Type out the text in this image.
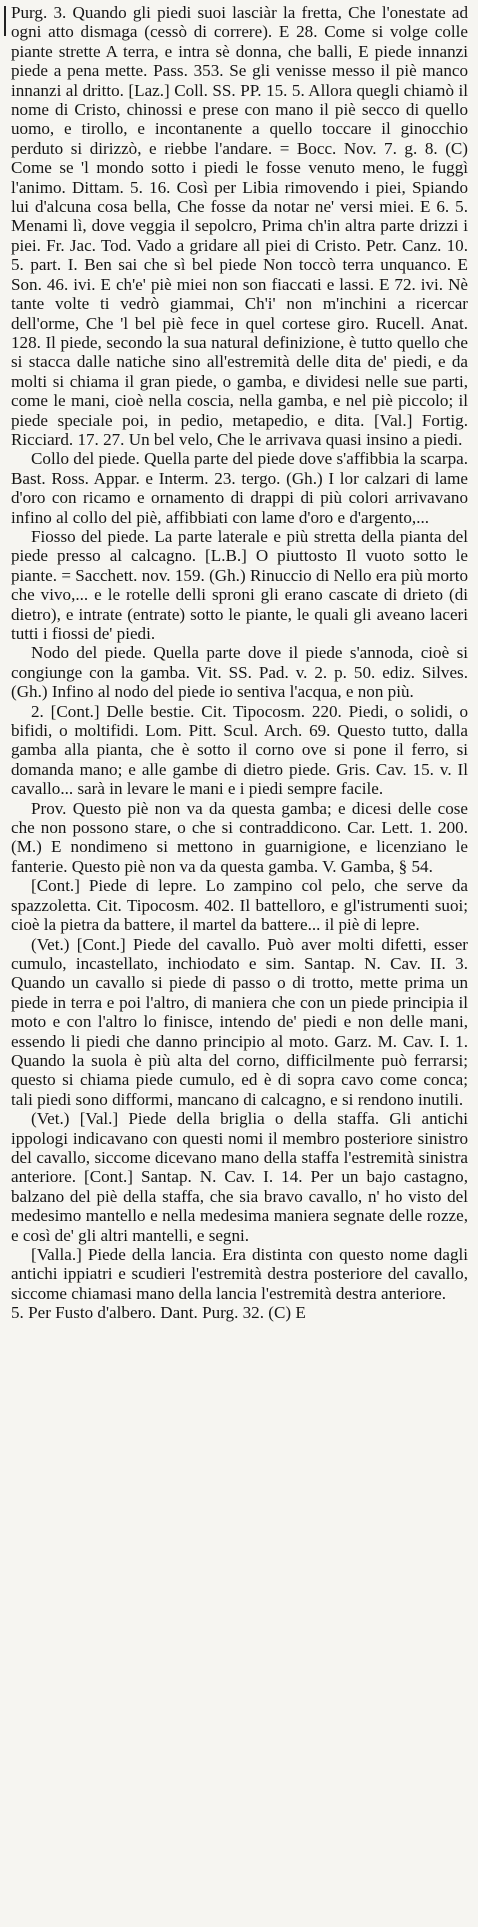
Purg. 3. Quando gli piedi suoi lasciàr la fretta, Che l'onestate ad ogni atto dismaga (cessò di correre). E 28. Come si volge colle piante strette A terra, e intra sè donna, che balli, E piede innanzi piede a pena mette. Pass. 353. Se gli venisse messo il piè manco innanzi al dritto. [Laz.] Coll. SS. PP. 15. 5. Allora quegli chiamò il nome di Cristo, chinossi e prese con mano il piè secco di quello uomo, e tirollo, e incontanente a quello toccare il ginocchio perduto si dirizzò, e riebbe l'andare. = Bocc. Nov. 7. g. 8. (C) Come se 'l mondo sotto i piedi le fosse venuto meno, le fuggì l'animo. Dittam. 5. 16. Così per Libia rimovendo i piei, Spiando lui d'alcuna cosa bella, Che fosse da notar ne' versi miei. E 6. 5. Menami lì, dove veggia il sepolcro, Prima ch'in altra parte drizzi i piei. Fr. Jac. Tod. Vado a gridare all piei di Cristo. Petr. Canz. 10. 5. part. I. Ben sai che sì bel piede Non toccò terra unquanco. E Son. 46. ivi. E ch'e' piè miei non son fiaccati e lassi. E 72. ivi. Nè tante volte ti vedrò giammai, Ch'i' non m'inchini a ricercar dell'orme, Che 'l bel piè fece in quel cortese giro. Rucell. Anat. 128. Il piede, secondo la sua natural definizione, è tutto quello che si stacca dalle natiche sino all'estremità delle dita de' piedi, e da molti si chiama il gran piede, o gamba, e dividesi nelle sue parti, come le mani, cioè nella coscia, nella gamba, e nel piè piccolo; il piede speciale poi, in pedio, metapedio, e dita. [Val.] Fortig. Ricciard. 17. 27. Un bel velo, Che le arrivava quasi insino a piedi.

Collo del piede. Quella parte del piede dove s'affibbia la scarpa. Bast. Ross. Appar. e Interm. 23. tergo. (Gh.) I lor calzari di lame d'oro con ricamo e ornamento di drappi di più colori arrivavano infino al collo del piè, affibbiati con lame d'oro e d'argento,...

Fiosso del piede. La parte laterale e più stretta della pianta del piede presso al calcagno. [L.B.] O piuttosto Il vuoto sotto le piante. = Sacchett. nov. 159. (Gh.) Rinuccio di Nello era più morto che vivo,... e le rotelle delli sproni gli erano cascate di drieto (di dietro), e intrate (entrate) sotto le piante, le quali gli aveano laceri tutti i fiossi de' piedi.

Nodo del piede. Quella parte dove il piede s'annoda, cioè si congiunge con la gamba. Vit. SS. Pad. v. 2. p. 50. ediz. Silves. (Gh.) Infino al nodo del piede io sentiva l'acqua, e non più.

2. [Cont.] Delle bestie. Cit. Tipocosm. 220. Piedi, o solidi, o bifidi, o moltifidi. Lom. Pitt. Scul. Arch. 69. Questo tutto, dalla gamba alla pianta, che è sotto il corno ove si pone il ferro, si domanda mano; e alle gambe di dietro piede. Gris. Cav. 15. v. Il cavallo... sarà in levare le mani e i piedi sempre facile.

Prov. Questo piè non va da questa gamba; e dicesi delle cose che non possono stare, o che si contraddicono. Car. Lett. 1. 200. (M.) E nondimeno si mettono in guarnigione, e licenziano le fanterie. Questo piè non va da questa gamba. V. Gamba, § 54.

[Cont.] Piede di lepre. Lo zampino col pelo, che serve da spazzoletta. Cit. Tipocosm. 402. Il battelloro, e gl'istrumenti suoi; cioè la pietra da battere, il martel da battere... il piè di lepre.

(Vet.) [Cont.] Piede del cavallo. Può aver molti difetti, esser cumulo, incastellato, inchiodato e sim. Santap. N. Cav. II. 3. Quando un cavallo si piede di passo o di trotto, mette prima un piede in terra e poi l'altro, di maniera che con un piede principia il moto e con l'altro lo finisce, intendo de' piedi e non delle mani, essendo li piedi che danno principio al moto. Garz. M. Cav. I. 1. Quando la suola è più alta del corno, difficilmente può ferrarsi; questo si chiama piede cumulo, ed è di sopra cavo come conca; tali piedi sono difformi, mancano di calcagno, e si rendono inutili.

(Vet.) [Val.] Piede della briglia o della staffa. Gli antichi ippologi indicavano con questi nomi il membro posteriore sinistro del cavallo, siccome dicevano mano della staffa l'estremità sinistra anteriore. [Cont.] Santap. N. Cav. I. 14. Per un bajo castagno, balzano del piè della staffa, che sia bravo cavallo, n' ho visto del medesimo mantello e nella medesima maniera segnate delle rozze, e così de' gli altri mantelli, e segni.

[Valla.] Piede della lancia. Era distinta con questo nome dagli antichi ippiatri e scudieri l'estremità destra posteriore del cavallo, siccome chiamasi mano della lancia l'estremità destra anteriore.

5. Per Fusto d'albero. Dant. Purg. 32. (C) E
